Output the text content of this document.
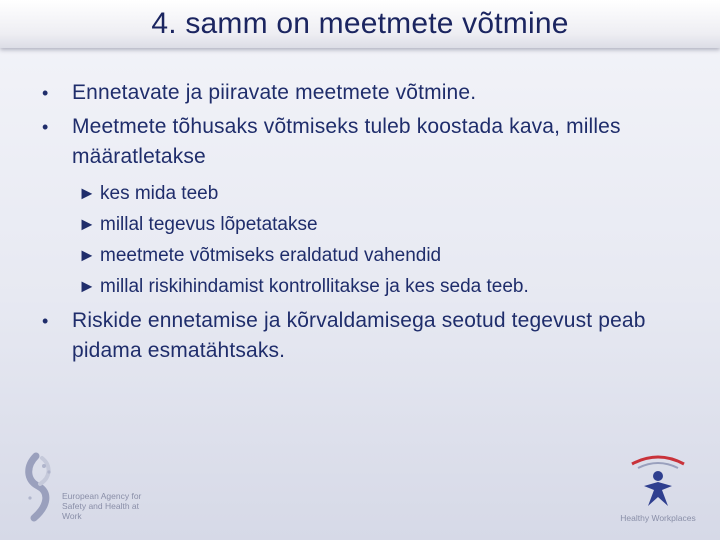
4. samm on meetmete võtmine
• Ennetavate ja piiravate meetmete võtmine.
• Meetmete tõhusaks võtmiseks tuleb koostada kava, milles määratletakse
► kes mida teeb
► millal tegevus lõpetatakse
► meetmete võtmiseks eraldatud vahendid
► millal riskihindamist kontrollitakse ja kes seda teeb.
• Riskide ennetamise ja kõrvaldamisega seotud tegevust peab pidama esmatähtsaks.
European Agency for Safety and Health at Work	Healthy Workplaces
